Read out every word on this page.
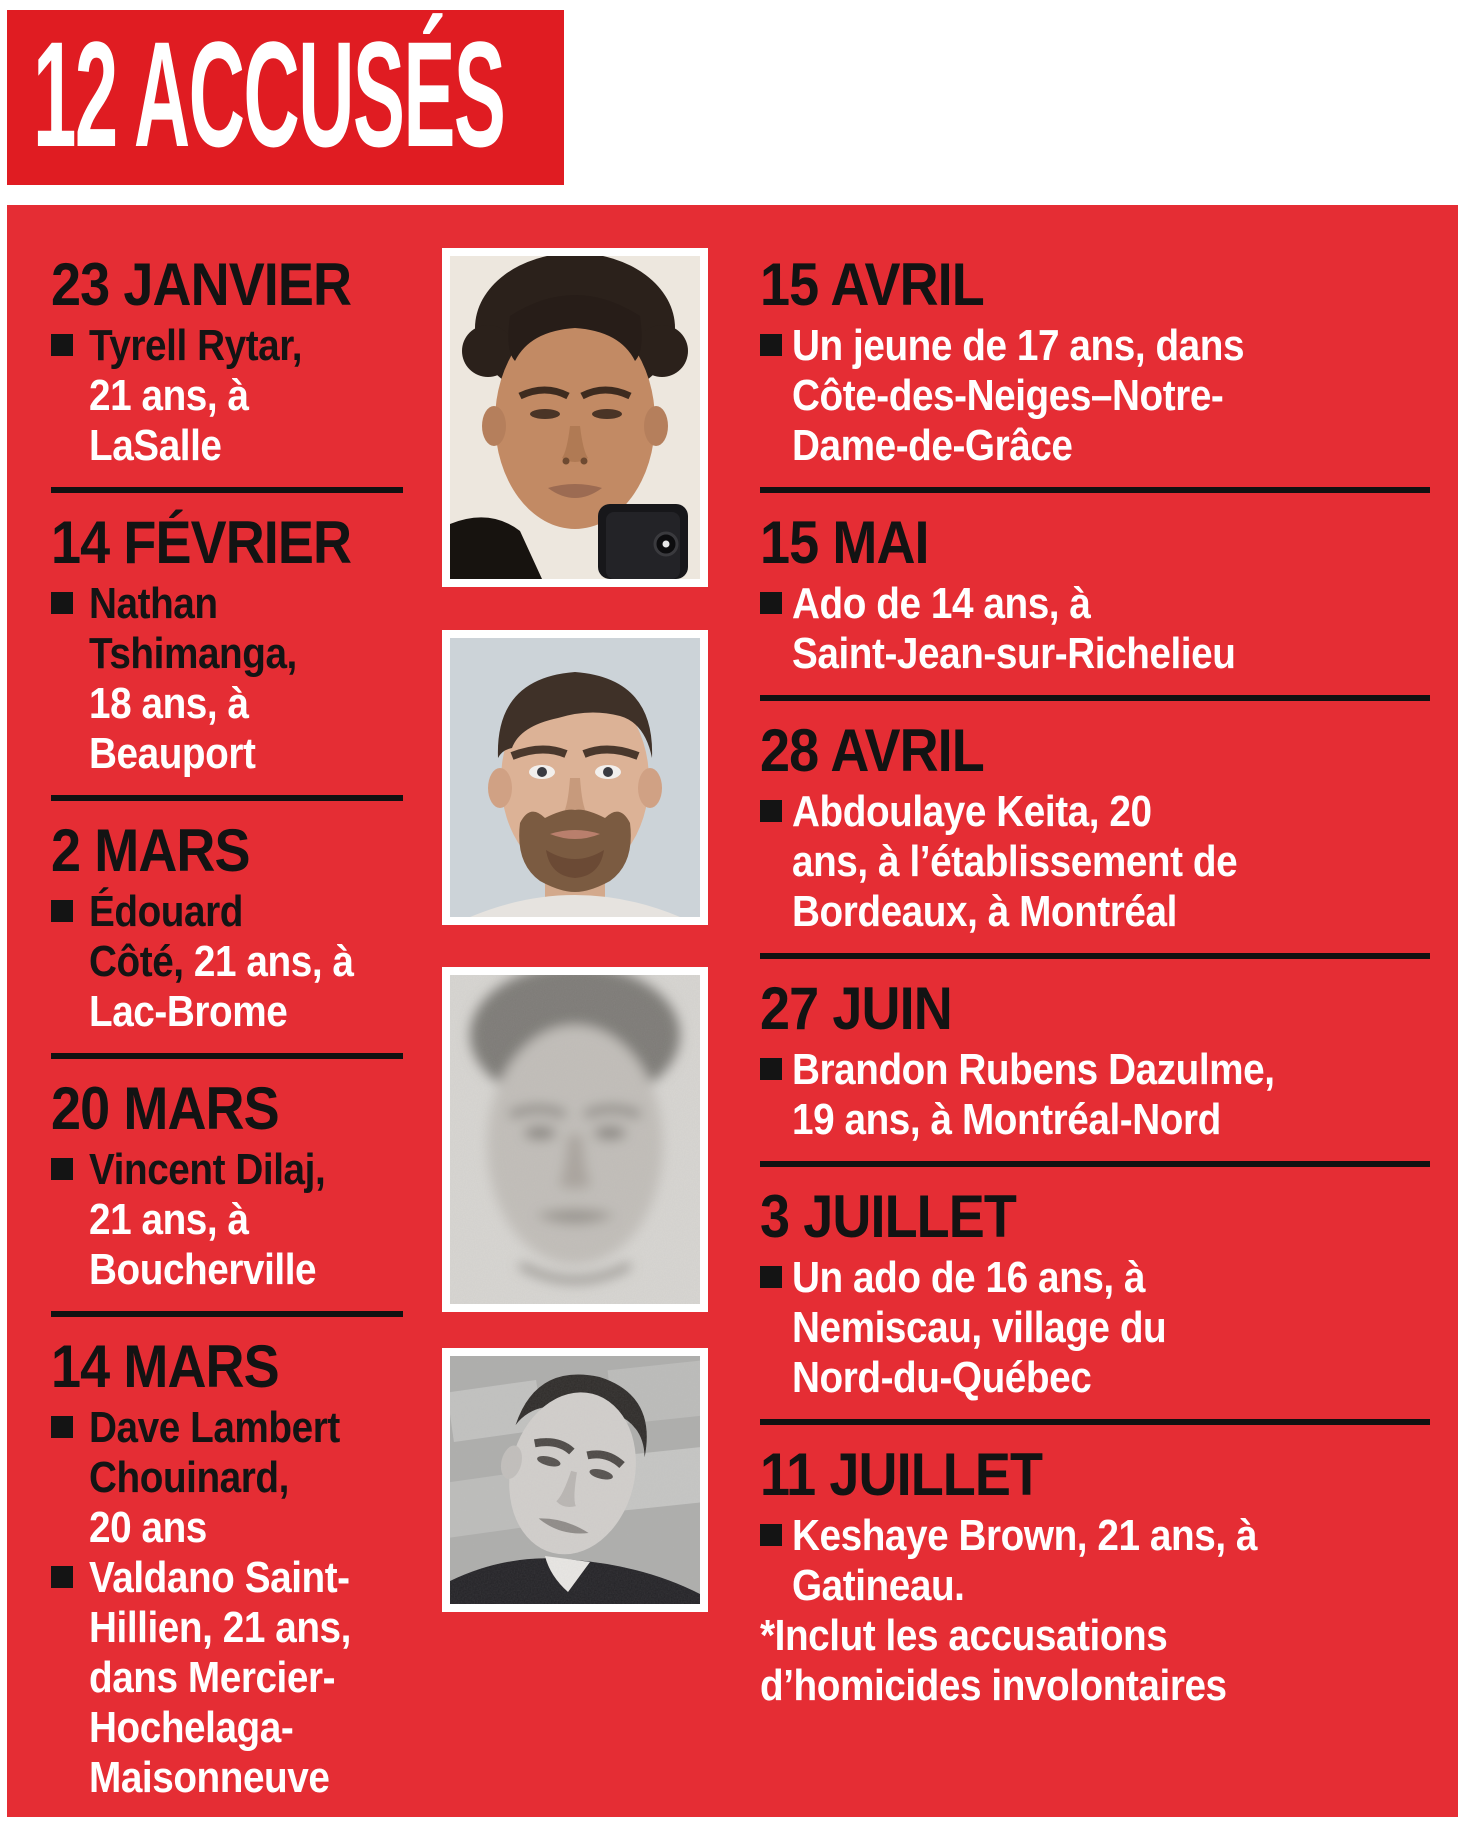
12 ACCUSÉS
23 JANVIER
Tyrell Rytar,
21 ans, à
LaSalle
14 FÉVRIER
Nathan
Tshimanga,
18 ans, à
Beauport
2 MARS
Édouard
Côté, 21 ans, à
Lac-Brome
20 MARS
Vincent Dilaj,
21 ans, à
Boucherville
14 MARS
Dave Lambert
Chouinard,
20 ans
Valdano Saint-
Hillien, 21 ans,
dans Mercier-
Hochelaga-
Maisonneuve
15 AVRIL
Un jeune de 17 ans, dans
Côte-des-Neiges–Notre-
Dame-de-Grâce
15 MAI
Ado de 14 ans, à
Saint-Jean-sur-Richelieu
28 AVRIL
Abdoulaye Keita, 20
ans, à l’établissement de
Bordeaux, à Montréal
27 JUIN
Brandon Rubens Dazulme,
19 ans, à Montréal-Nord
3 JUILLET
Un ado de 16 ans, à
Nemiscau, village du
Nord-du-Québec
11 JUILLET
Keshaye Brown, 21 ans, à
Gatineau.
*Inclut les accusations
d’homicides involontaires
